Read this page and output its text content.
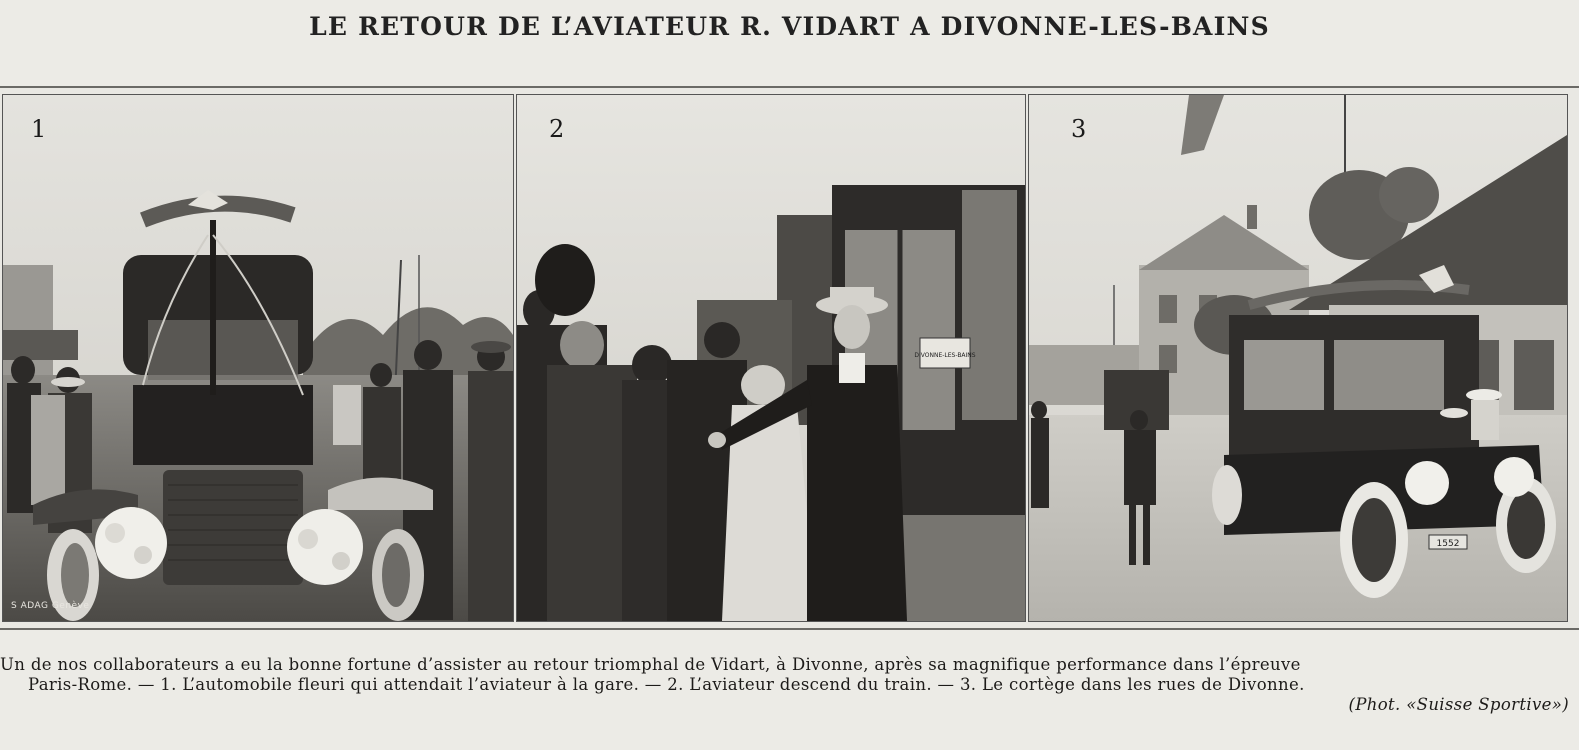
LE RETOUR DE L’AVIATEUR R. VIDART A DIVONNE-LES-BAINS
1
S ADAG Genève
DIVONNE-LES-BAINS
2
1552
3
Un de nos collaborateurs a eu la bonne fortune d’assister au retour triomphal de Vidart, à Divonne, après sa magnifique performance dans l’épreuve
Paris-Rome. — 1. L’automobile fleuri qui attendait l’aviateur à la gare. — 2. L’aviateur descend du train. — 3. Le cortège dans les rues de Divonne.
(Phot. «Suisse Sportive»)
